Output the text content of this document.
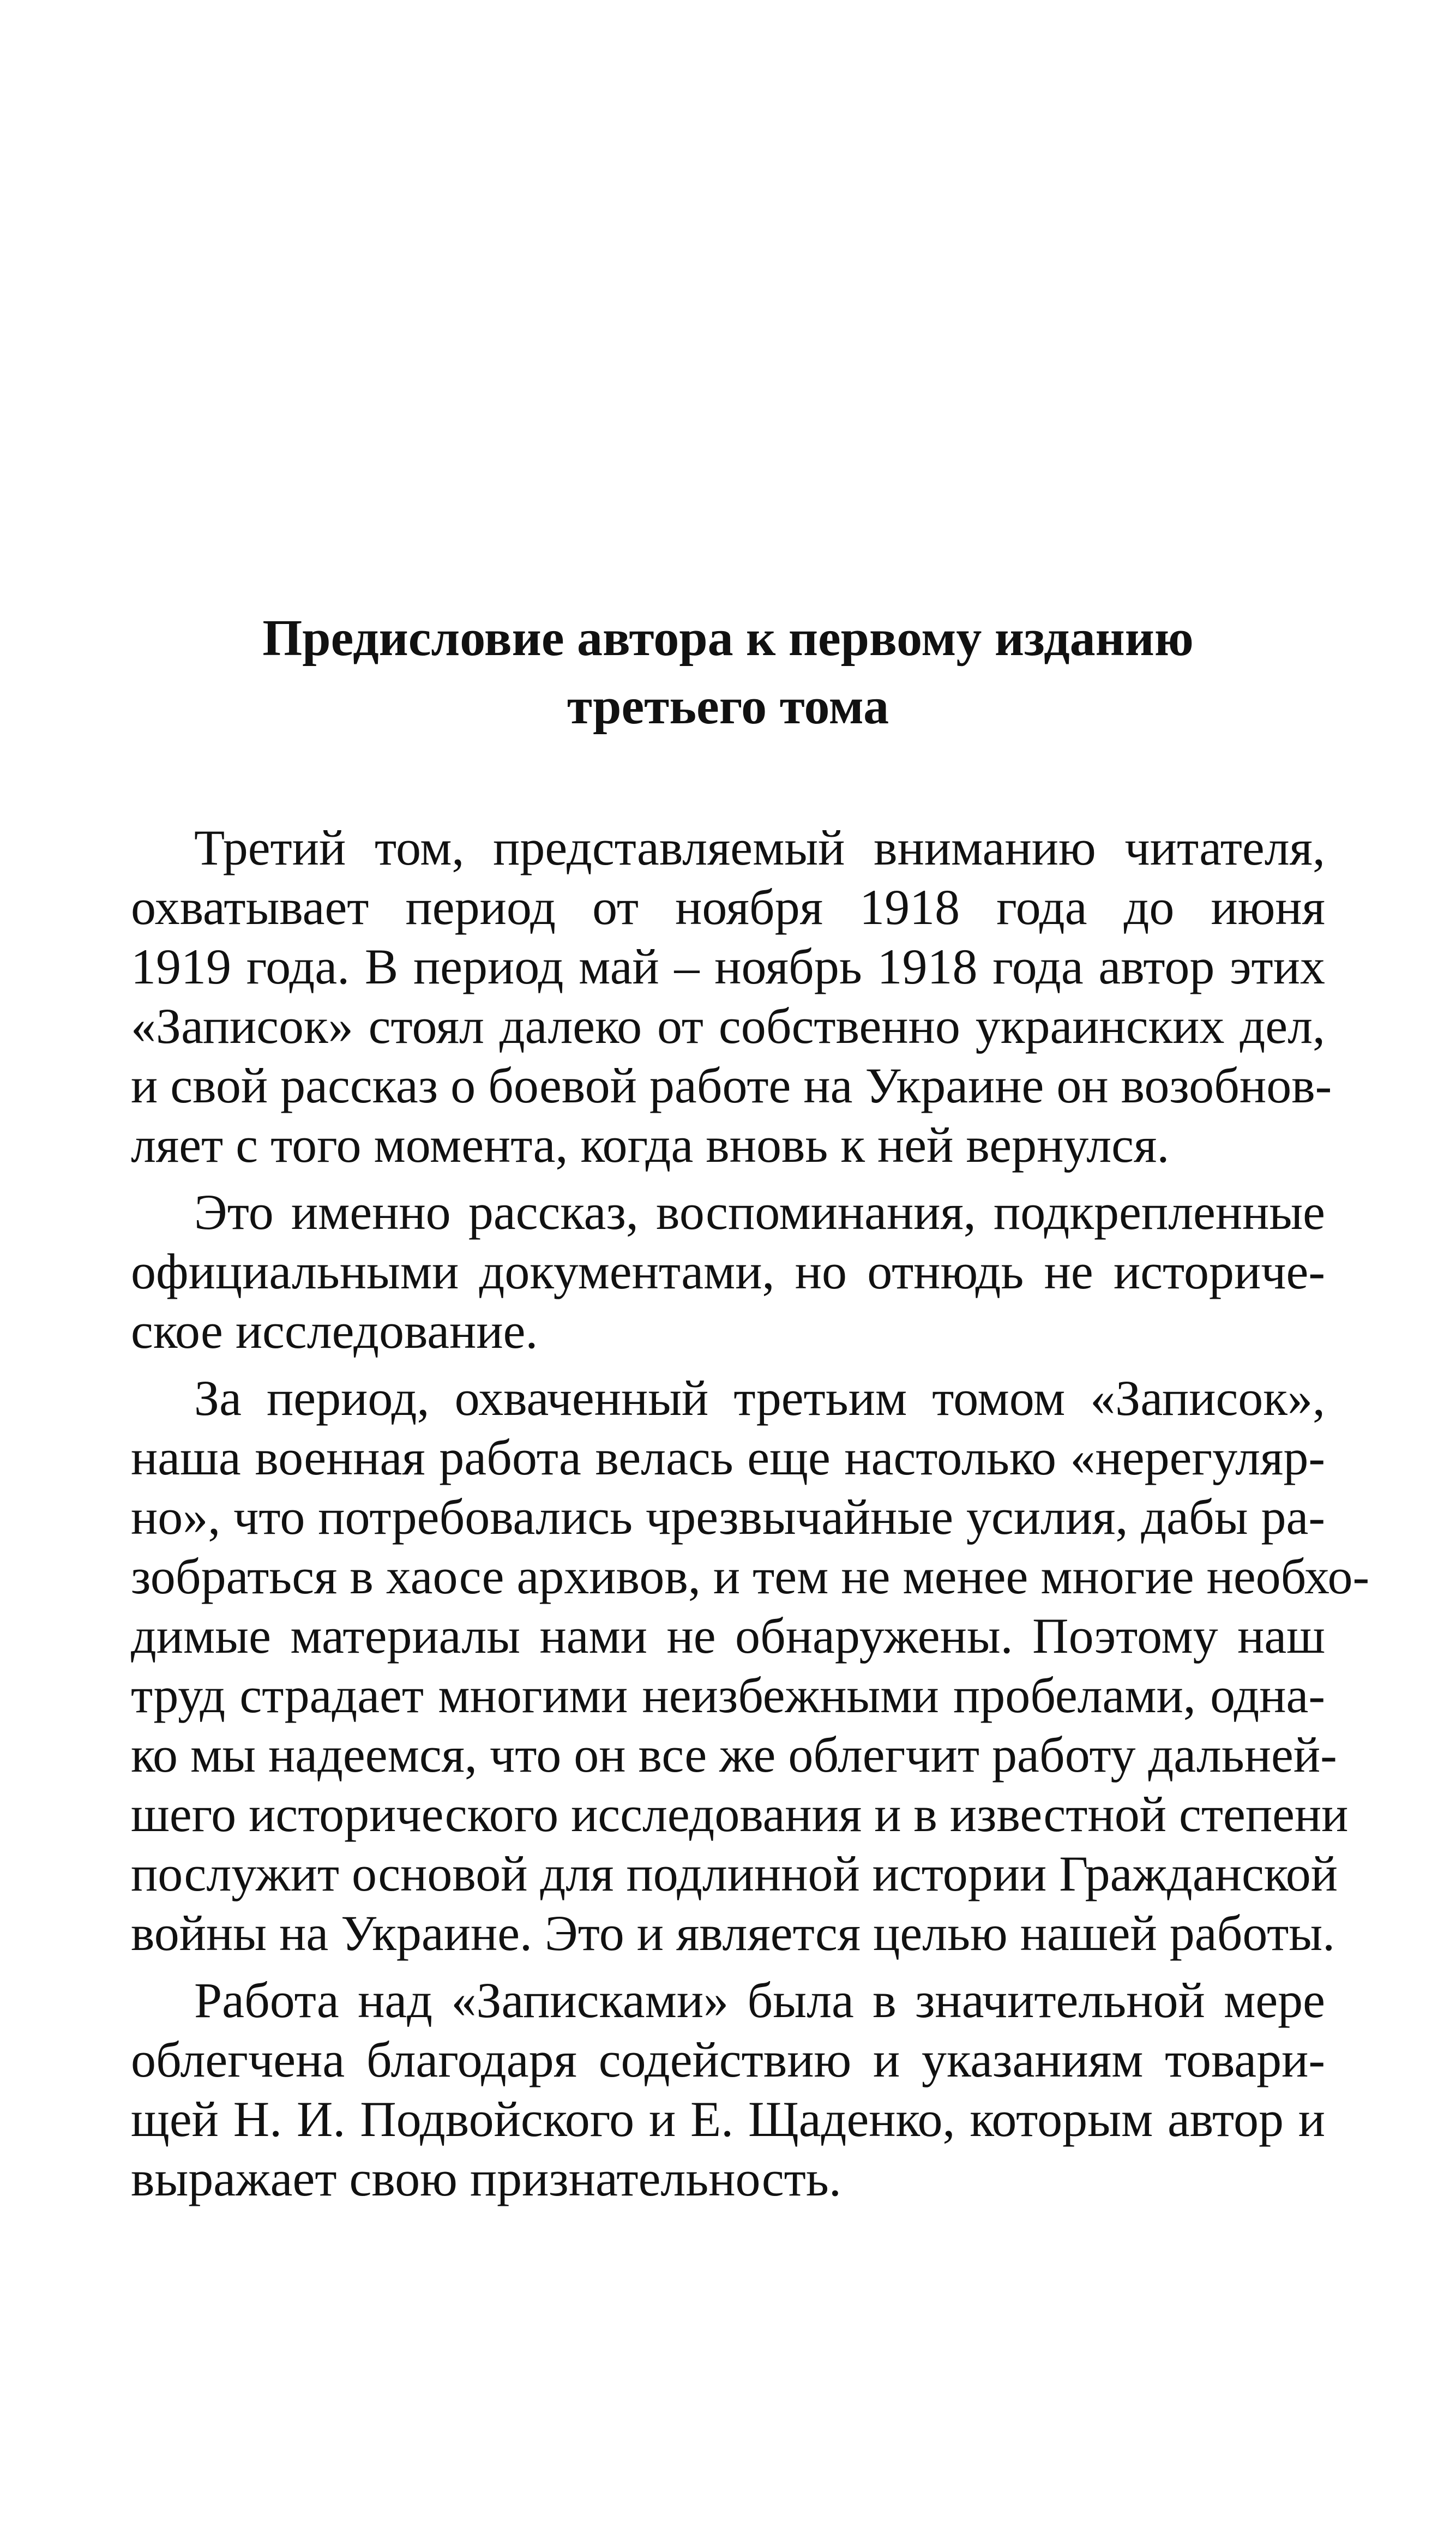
Предисловие автора к первому изданию
третьего тома
Третий том, представляемый вниманию читателя,
охватывает период от ноября 1918 года до июня
1919 года. В период май – ноябрь 1918 года автор этих
«Записок» стоял далеко от собственно украинских дел,
и свой рассказ о боевой работе на Украине он возобнов-
ляет с того момента, когда вновь к ней вернулся.
Это именно рассказ, воспоминания, подкрепленные
официальными документами, но отнюдь не историче-
ское исследование.
За период, охваченный третьим томом «Записок»,
наша военная работа велась еще настолько «нерегуляр-
но», что потребовались чрезвычайные усилия, дабы ра-
зобраться в хаосе архивов, и тем не менее многие необхо-
димые материалы нами не обнаружены. Поэтому наш
труд страдает многими неизбежными пробелами, одна-
ко мы надеемся, что он все же облегчит работу дальней-
шего исторического исследования и в известной степени
послужит основой для подлинной истории Гражданской
войны на Украине. Это и является целью нашей работы.
Работа над «Записками» была в значительной мере
облегчена благодаря содействию и указаниям товари-
щей Н. И. Подвойского и Е. Щаденко, которым автор и
выражает свою признательность.
